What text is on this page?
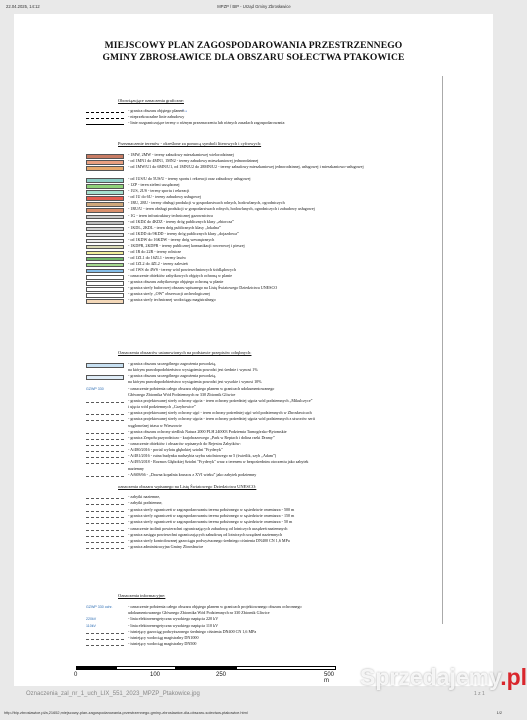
22.04.2025, 14:12	MPZP / BIP - Urząd Gminy Zbrosławice
MIEJSCOWY PLAN ZAGOSPODAROWANIA PRZESTRZENNEGO
GMINY ZBROSŁAWICE DLA OBSZARU SOŁECTWA PTAKOWICE
Obowiązujące oznaczenia graficzne:
- granica obszaru objętego planem
- nieprzekraczalne linie zabudowy
- linie rozgraniczające tereny o różnym przeznaczeniu lub różnych zasadach zagospodarowania
Przeznaczenie terenów - określone za pomocą symboli literowych i cyfrowych:
- 1MW, 2MW - tereny zabudowy mieszkaniowej wielorodzinnej
- od 1MN1 do 4MN1, 1MN2 - tereny zabudowy mieszkaniowej jednorodzinnej
- od 1MW/U1 do 6MN/U1, od 1MN/U2 do 28MN/U2 - tereny zabudowy mieszkaniowej jednorodzinnej, usługowej i mieszkaniowo-usługowej
- od 1US/U do 5US/U - tereny sportu i rekreacji oraz zabudowy usługowej
- 1ZP - teren zieleni urządzonej
- 1US, 2US - tereny sportu i rekreacji
- od 1U do 6U - tereny zabudowy usługowej
- 1RU, 2RU - tereny obsługi produkcji w gospodarstwach rolnych, hodowlanych, ogrodniczych
- 1RU/U - teren obsługi produkcji w gospodarstwach rolnych, hodowlanych, ogrodniczych i zabudowy usługowej
- 1G - teren infrastruktury technicznej gazownictwa
- od 1KDZ do 4KDZ - tereny dróg publicznych klasy „zbiorcza”
- 1KDL, 2KDL - teren dróg publicznych klasy „lokalna”
- od 1KDD do 9KDD - tereny dróg publicznych klasy „dojazdowa”
- od 1KDW do 16KDW - tereny dróg wewnętrznych
- 1KDPR, 2KDPR - tereny publicznej komunikacji rowerowej i pieszej
- od 1R do 22R - tereny rolnicze
- od 1ZL1 do 16ZL1 - tereny lasów
- od 1ZL2 do 4ZL2 - tereny zalesień
- od 1WS do 4WS - tereny wód powierzchniowych śródlądowych
- oznaczenie obiektów zabytkowych objętych ochroną w planie
- granica obszaru zabytkowego objętego ochroną w planie
- granica strefy buforowej obszaru wpisanego na Listę Światowego Dziedzictwa UNESCO
- granica strefy „OW” obserwacji archeologicznej
- granica strefy technicznej wodociągu magistralnego
Oznaczenia obszarów ustanowionych na podstawie przepisów odrębnych:
- granica obszaru szczególnego zagrożenia powodzią,
na którym prawdopodobieństwo wystąpienia powodzi jest średnie i wynosi 1%
- granica obszaru szczególnego zagrożenia powodzią,
na którym prawdopodobieństwo wystąpienia powodzi jest wysokie i wynosi 10%
GZWP 330	- oznaczenie położenia całego obszaru objętego planem w granicach udokumentowanego
Głównego Zbiornika Wód Podziemnych nr 330 Zbiornik Gliwice
- granica projektowanej strefy ochrony ujęcia - teren ochrony pośredniej ujęcia wód podziemnych „Mikulczyce”
i ujęcia wód podziemnych „Grzybowice”
- granica projektowanej strefy ochrony ujęć - teren ochrony pośredniej ujęć wód podziemnych w Zbrosławicach
- granica projektowanej strefy ochrony ujęcia - teren ochrony pośredniej ujęcia wód podziemnych z utworów serii
węglonośnej triasu w Wieszowie
- granica obszaru ochrony siedlisk Natura 2000 PLH 240003 Podziemia Tarnogórsko-Bytomskie
- granica Zespołu przyrodniczo - krajobrazowego „Park w Reptach i dolina rzeki Dramy”
- oznaczenie obiektów i obszarów wpisanych do Rejestru Zabytków:
- A/480/2016 - portal wylotu głębokiej sztolni "Fryderyk"
- A/481/2016 - ruina budynku nadszybia szybu sztolniowego nr 5 (świetlik, szyb „Adam”)
- A/495/2018 - Rozmos Głębokiej Sztolni "Fryderyk" wraz z terenem w bezpośrednim otoczeniu jako zabytek
naziemny
- A/608/66 - „Dawna kopalnia kruszcu z XVI wieku” jako zabytek podziemny
oznaczenia obszaru wpisanego na Listę Światowego Dziedzictwa UNESCO:
- zabytki naziemne,
- zabytki podziemne,
- granica strefy ograniczeń w zagospodarowaniu terenu położonego w sąsiedztwie cmentarza - 500 m
- granica strefy ograniczeń w zagospodarowaniu terenu położonego w sąsiedztwie cmentarza - 150 m
- granica strefy ograniczeń w zagospodarowaniu terenu położonego w sąsiedztwie cmentarza - 50 m
- oznaczenie izolinii powierzchni ograniczających zabudowę od lotniczych urządzeń naziemnych
- granica zasięgu powierzchni ograniczających zabudowę od lotniczych urządzeń naziemnych
- granica strefy kontrolowanej gazociągu podwyższonego średniego ciśnienia DN400 CN 1,6 MPa
- granica administracyjna Gminy Zbrosławice
Oznaczenia informacyjne:
GZWP 330 ochr.	- oznaczenie położenia całego obszaru objętego planem w granicach projektowanego obszaru ochronnego
udokumentowanego Głównego Zbiornika Wód Podziemnych nr 330 Zbiornik Gliwice
220kV	- linia elektroenergetyczna wysokiego napięcia 220 kV
110kV	- linia elektroenergetyczna wysokiego napięcia 110 kV
- istniejący gazociąg podwyższonego średniego ciśnienia DN400 CN 1,6 MPa
- istniejący wodociąg magistralny DN1000
- istniejący wodociąg magistralny DN500
° •
0	100	250	500 m
Oznaczenia_zal_nr_1_uch_LIX_551_2023_MPZP_Ptakowice.jpg	1 z 1
Sprzedajemy.pl
http://bip.zbroslawice.pl/a,21652,miejscowy-plan-zagospodarowania-przestrzennego-gminy-zbroslawice-dla-obszaru-solectwa-ptakowice.html	1/2
